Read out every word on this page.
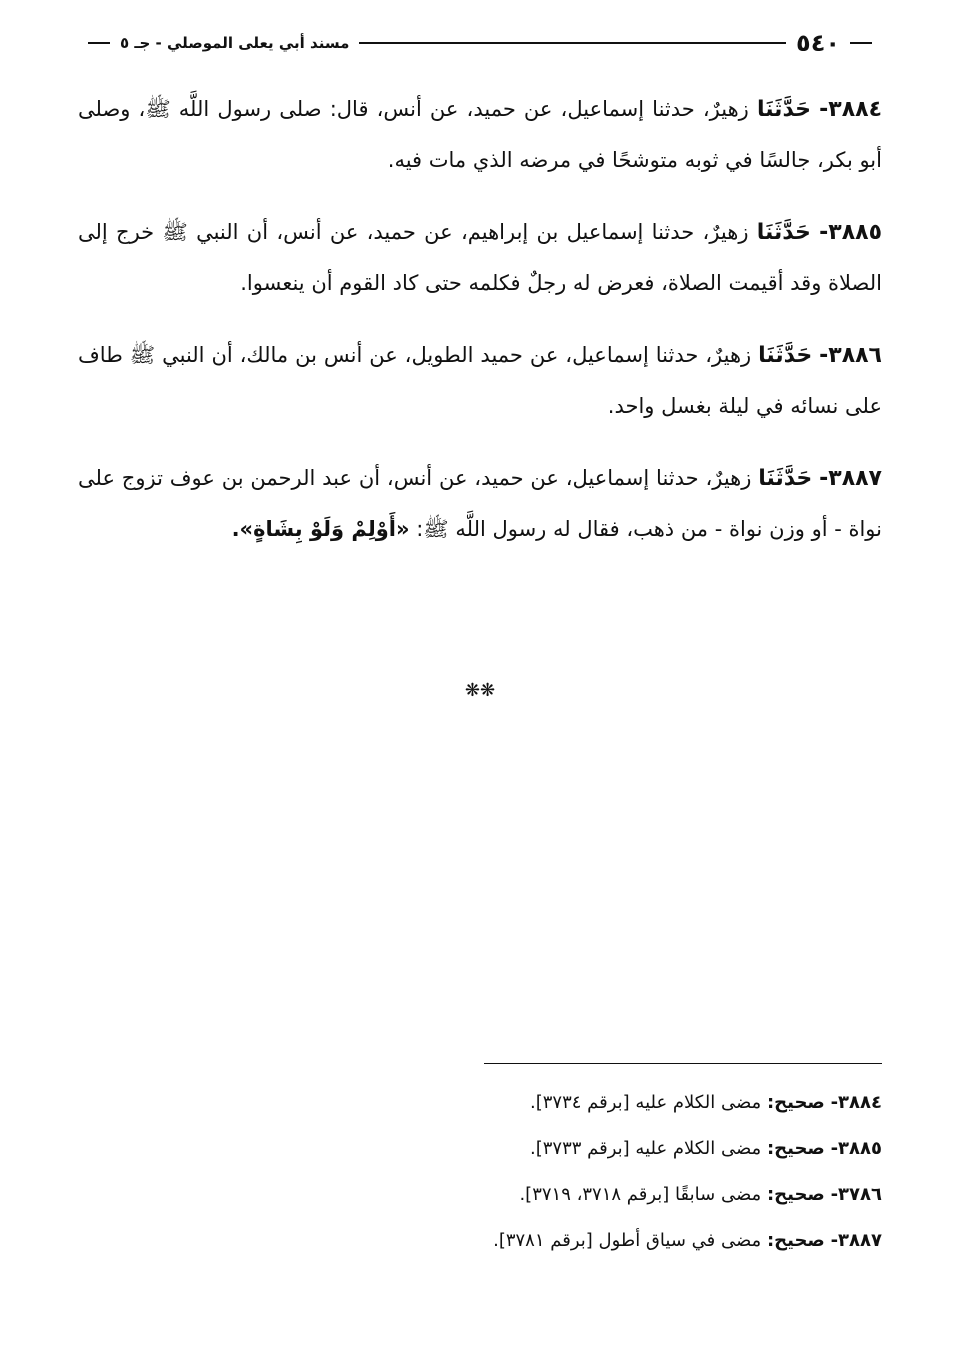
٥٤٠
مسند أبي يعلى الموصلي - جـ ٥

٣٨٨٤- حَدَّثَنَا زهيرٌ، حدثنا إسماعيل، عن حميد، عن أنس، قال: صلى رسول اللَّه ﷺ، وصلى أبو بكر، جالسًا في ثوبه متوشحًا في مرضه الذي مات فيه.

٣٨٨٥- حَدَّثَنَا زهيرٌ، حدثنا إسماعيل بن إبراهيم، عن حميد، عن أنس، أن النبي ﷺ خرج إلى الصلاة وقد أقيمت الصلاة، فعرض له رجلٌ فكلمه حتى كاد القوم أن ينعسوا.

٣٨٨٦- حَدَّثَنَا زهيرٌ، حدثنا إسماعيل، عن حميد الطويل، عن أنس بن مالك، أن النبي ﷺ طاف على نسائه في ليلة بغسل واحد.

٣٨٨٧- حَدَّثَنَا زهيرٌ، حدثنا إسماعيل، عن حميد، عن أنس، أن عبد الرحمن بن عوف تزوج على نواة - أو وزن نواة - من ذهب، فقال له رسول اللَّه ﷺ: «أَوْلِمْ وَلَوْ بِشَاةٍ».

❋❋
٣٨٨٤- صحيح: مضى الكلام عليه [برقم ٣٧٣٤].
٣٨٨٥- صحيح: مضى الكلام عليه [برقم ٣٧٣٣].
٣٧٨٦- صحيح: مضى سابقًا [برقم ٣٧١٨، ٣٧١٩].
٣٨٨٧- صحيح: مضى في سياق أطول [برقم ٣٧٨١].
